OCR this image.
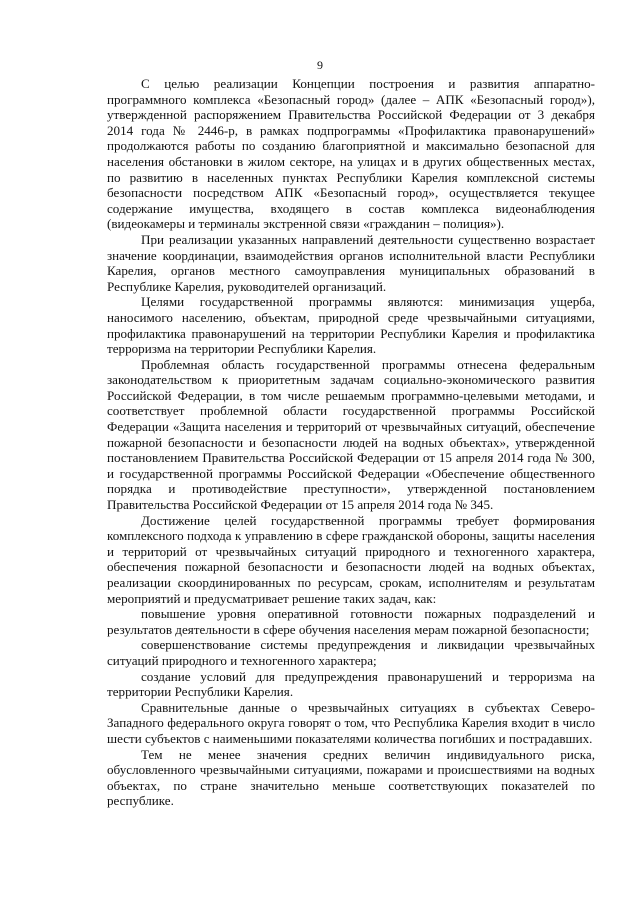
9

С целью реализации Концепции построения и развития аппаратно-программного комплекса «Безопасный город» (далее – АПК «Безопасный город»), утвержденной распоряжением Правительства Российской Федерации от 3 декабря 2014 года № 2446-р, в рамках подпрограммы «Профилактика правонарушений» продолжаются работы по созданию благоприятной и максимально безопасной для населения обстановки в жилом секторе, на улицах и в других общественных местах, по развитию в населенных пунктах Республики Карелия комплексной системы безопасности посредством АПК «Безопасный город», осуществляется текущее содержание имущества, входящего в состав комплекса видеонаблюдения (видеокамеры и терминалы экстренной связи «гражданин – полиция»).

При реализации указанных направлений деятельности существенно возрастает значение координации, взаимодействия органов исполнительной власти Республики Карелия, органов местного самоуправления муниципальных образований в Республике Карелия, руководителей организаций.

Целями государственной программы являются: минимизация ущерба, наносимого населению, объектам, природной среде чрезвычайными ситуациями, профилактика правонарушений на территории Республики Карелия и профилактика терроризма на территории Республики Карелия.

Проблемная область государственной программы отнесена федеральным законодательством к приоритетным задачам социально-экономического развития Российской Федерации, в том числе решаемым программно-целевыми методами, и соответствует проблемной области государственной программы Российской Федерации «Защита населения и территорий от чрезвычайных ситуаций, обеспечение пожарной безопасности и безопасности людей на водных объектах», утвержденной постановлением Правительства Российской Федерации от 15 апреля 2014 года № 300, и государственной программы Российской Федерации «Обеспечение общественного порядка и противодействие преступности», утвержденной постановлением Правительства Российской Федерации от 15 апреля 2014 года № 345.

Достижение целей государственной программы требует формирования комплексного подхода к управлению в сфере гражданской обороны, защиты населения и территорий от чрезвычайных ситуаций природного и техногенного характера, обеспечения пожарной безопасности и безопасности людей на водных объектах, реализации скоординированных по ресурсам, срокам, исполнителям и результатам мероприятий и предусматривает решение таких задач, как:

повышение уровня оперативной готовности пожарных подразделений и результатов деятельности в сфере обучения населения мерам пожарной безопасности;

совершенствование системы предупреждения и ликвидации чрезвычайных ситуаций природного и техногенного характера;

создание условий для предупреждения правонарушений и терроризма на территории Республики Карелия.

Сравнительные данные о чрезвычайных ситуациях в субъектах Северо-Западного федерального округа говорят о том, что Республика Карелия входит в число шести субъектов с наименьшими показателями количества погибших и пострадавших.

Тем не менее значения средних величин индивидуального риска, обусловленного чрезвычайными ситуациями, пожарами и происшествиями на водных объектах, по стране значительно меньше соответствующих показателей по республике.
